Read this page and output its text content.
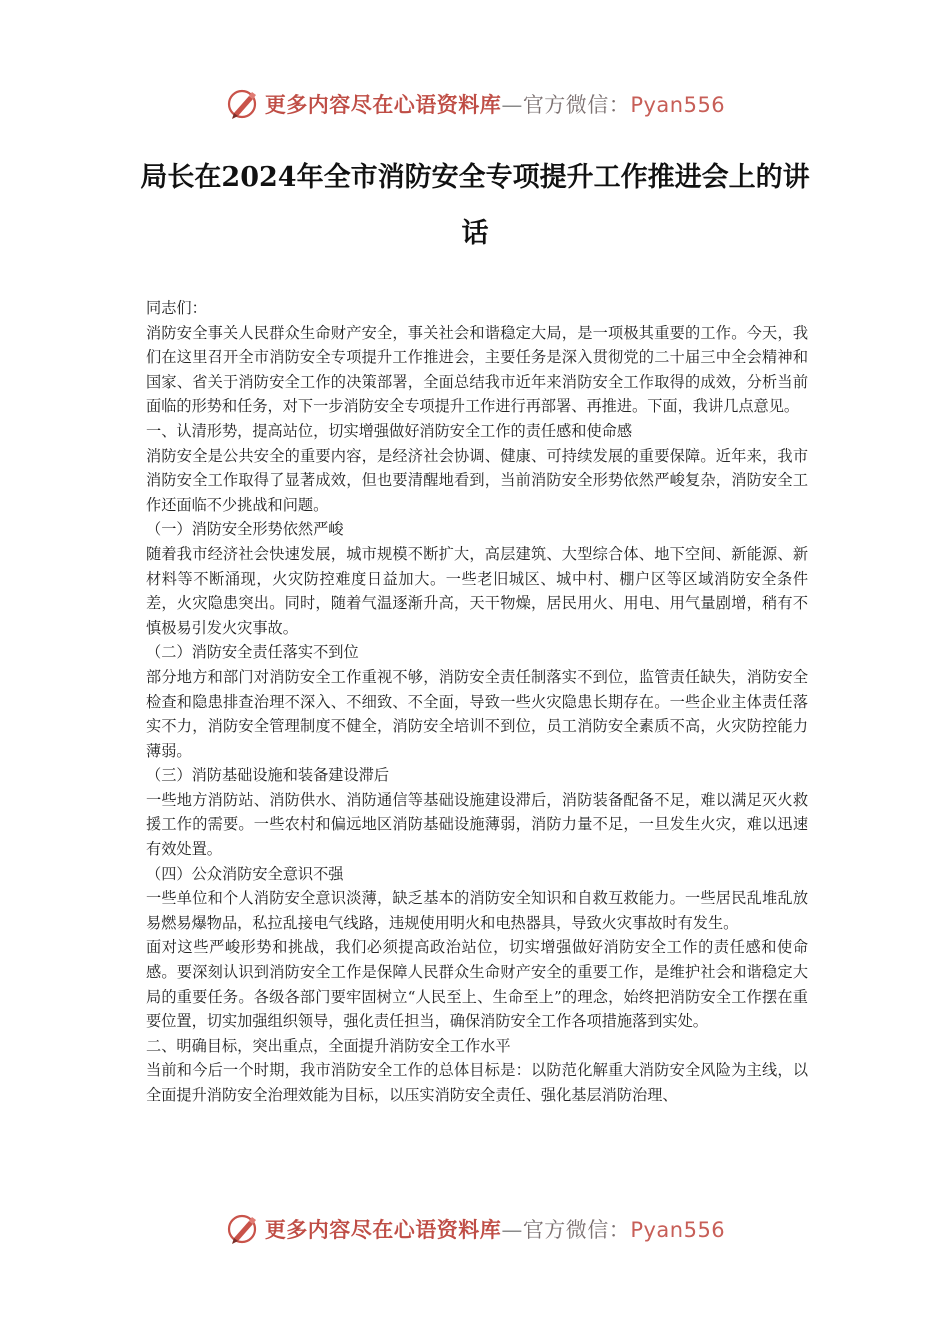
更多内容尽在心语资料库—官方微信：Pyan556
局长在2024年全市消防安全专项提升工作推进会上的讲话

同志们：

消防安全事关人民群众生命财产安全，事关社会和谐稳定大局，是一项极其重要的工作。今天，我们在这里召开全市消防安全专项提升工作推进会，主要任务是深入贯彻党的二十届三中全会精神和国家、省关于消防安全工作的决策部署，全面总结我市近年来消防安全工作取得的成效，分析当前面临的形势和任务，对下一步消防安全专项提升工作进行再部署、再推进。下面，我讲几点意见。

一、认清形势，提高站位，切实增强做好消防安全工作的责任感和使命感

消防安全是公共安全的重要内容，是经济社会协调、健康、可持续发展的重要保障。近年来，我市消防安全工作取得了显著成效，但也要清醒地看到，当前消防安全形势依然严峻复杂，消防安全工作还面临不少挑战和问题。

（一）消防安全形势依然严峻

随着我市经济社会快速发展，城市规模不断扩大，高层建筑、大型综合体、地下空间、新能源、新材料等不断涌现，火灾防控难度日益加大。一些老旧城区、城中村、棚户区等区域消防安全条件差，火灾隐患突出。同时，随着气温逐渐升高，天干物燥，居民用火、用电、用气量剧增，稍有不慎极易引发火灾事故。

（二）消防安全责任落实不到位

部分地方和部门对消防安全工作重视不够，消防安全责任制落实不到位，监管责任缺失，消防安全检查和隐患排查治理不深入、不细致、不全面，导致一些火灾隐患长期存在。一些企业主体责任落实不力，消防安全管理制度不健全，消防安全培训不到位，员工消防安全素质不高，火灾防控能力薄弱。

（三）消防基础设施和装备建设滞后

一些地方消防站、消防供水、消防通信等基础设施建设滞后，消防装备配备不足，难以满足灭火救援工作的需要。一些农村和偏远地区消防基础设施薄弱，消防力量不足，一旦发生火灾，难以迅速有效处置。

（四）公众消防安全意识不强

一些单位和个人消防安全意识淡薄，缺乏基本的消防安全知识和自救互救能力。一些居民乱堆乱放易燃易爆物品，私拉乱接电气线路，违规使用明火和电热器具，导致火灾事故时有发生。

面对这些严峻形势和挑战，我们必须提高政治站位，切实增强做好消防安全工作的责任感和使命感。要深刻认识到消防安全工作是保障人民群众生命财产安全的重要工作，是维护社会和谐稳定大局的重要任务。各级各部门要牢固树立“人民至上、生命至上”的理念，始终把消防安全工作摆在重要位置，切实加强组织领导，强化责任担当，确保消防安全工作各项措施落到实处。

二、明确目标，突出重点，全面提升消防安全工作水平

当前和今后一个时期，我市消防安全工作的总体目标是：以防范化解重大消防安全风险为主线，以全面提升消防安全治理效能为目标，以压实消防安全责任、强化基层消防治理、

更多内容尽在心语资料库—官方微信：Pyan556
